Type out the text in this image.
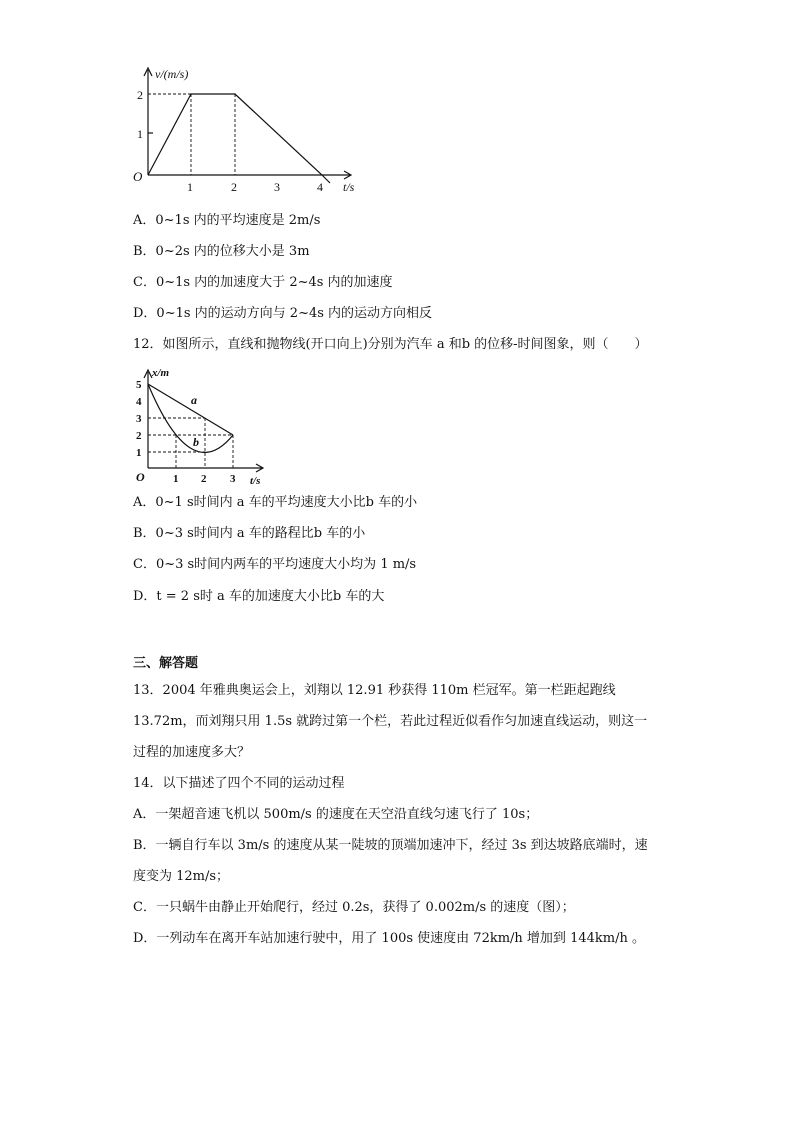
v/(m/s)
t/s
O
2
1
1	2	3	4
A．0~1s 内的平均速度是 2m/s
B．0~2s 内的位移大小是 3m
C．0~1s 内的加速度大于 2~4s 内的加速度
D．0~1s 内的运动方向与 2~4s 内的运动方向相反
12．如图所示，直线和抛物线(开口向上)分别为汽车 a 和b 的位移-时间图象，则（　　）
x/m
t/s
O
5
4
3
2
1
1 2 3
a
b
A．0~1 s时间内 a 车的平均速度大小比b 车的小
B．0~3 s时间内 a 车的路程比b 车的小
C．0~3 s时间内两车的平均速度大小均为 1 m/s
D．t = 2 s时 a 车的加速度大小比b 车的大
三、解答题
13．2004 年雅典奥运会上，刘翔以 12.91 秒获得 110m 栏冠军。第一栏距起跑线
13.72m，而刘翔只用 1.5s 就跨过第一个栏，若此过程近似看作匀加速直线运动，则这一
过程的加速度多大？
14．以下描述了四个不同的运动过程
A．一架超音速飞机以 500m/s 的速度在天空沿直线匀速飞行了 10s；
B．一辆自行车以 3m/s 的速度从某一陡坡的顶端加速冲下，经过 3s 到达坡路底端时，速
度变为 12m/s；
C．一只蜗牛由静止开始爬行，经过 0.2s，获得了 0.002m/s 的速度（图）；
D．一列动车在离开车站加速行驶中，用了 100s 使速度由 72km/h 增加到 144km/h 。
